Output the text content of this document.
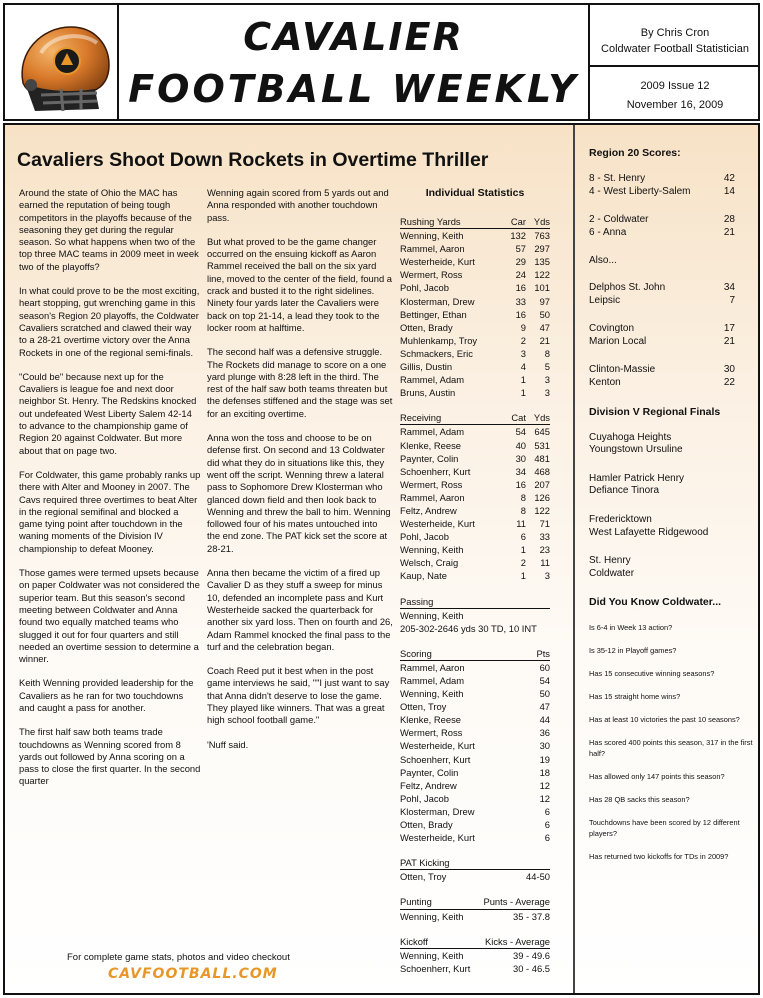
CAVALIER
FOOTBALL WEEKLY
By Chris Cron
Coldwater Football Statistician
2009 Issue 12
November 16, 2009
Cavaliers Shoot Down Rockets in Overtime Thriller

Around the state of Ohio the MAC has earned the reputation of being tough competitors in the playoffs because of the seasoning they get during the regular season. So what happens when two of the top three MAC teams in 2009 meet in week two of the playoffs?

In what could prove to be the most exciting, heart stopping, gut wrenching game in this season's Region 20 playoffs, the Coldwater Cavaliers scratched and clawed their way to a 28-21 overtime victory over the Anna Rockets in one of the regional semi-finals.

"Could be" because next up for the Cavaliers is league foe and next door neighbor St. Henry. The Redskins knocked out undefeated West Liberty Salem 42-14 to advance to the championship game of Region 20 against Coldwater. But more about that on page two.

For Coldwater, this game probably ranks up there with Alter and Mooney in 2007. The Cavs required three overtimes to beat Alter in the regional semifinal and blocked a game tying point after touchdown in the waning moments of the Division IV championship to defeat Mooney.

Those games were termed upsets because on paper Coldwater was not considered the superior team. But this season's second meeting between Coldwater and Anna found two equally matched teams who slugged it out for four quarters and still needed an overtime session to determine a winner.

Keith Wenning provided leadership for the Cavaliers as he ran for two touchdowns and caught a pass for another.

The first half saw both teams trade touchdowns as Wenning scored from 8 yards out followed by Anna scoring on a pass to close the first quarter. In the second quarter

Wenning again scored from 5 yards out and Anna responded with another touchdown pass.

But what proved to be the game changer occurred on the ensuing kickoff as Aaron Rammel received the ball on the six yard line, moved to the center of the field, found a crack and busted it to the right sidelines. Ninety four yards later the Cavaliers were back on top 21-14, a lead they took to the locker room at halftime.

The second half was a defensive struggle. The Rockets did manage to score on a one yard plunge with 8:28 left in the third. The rest of the half saw both teams threaten but the defenses stiffened and the stage was set for an exciting overtime.

Anna won the toss and choose to be on defense first. On second and 13 Coldwater did what they do in situations like this, they went off the script. Wenning threw a lateral pass to Sophomore Drew Klosterman who glanced down field and then look back to Wenning and threw the ball to him. Wenning followed four of his mates untouched into the end zone. The PAT kick set the score at 28-21.

Anna then became the victim of a fired up Cavalier D as they stuff a sweep for minus 10, defended an incomplete pass and Kurt Westerheide sacked the quarterback for another six yard loss. Then on fourth and 26, Adam Rammel knocked the final pass to the turf and the celebration began.

Coach Reed put it best when in the post game interviews he said, ""I just want to say that Anna didn't deserve to lose the game. They played like winners. That was a great high school football game."

'Nuff said.

Individual Statistics
Rushing Yards	Car Yds
Wenning, Keith	132 763
Rammel, Aaron	57 297
Westerheide, Kurt	29 135
Wermert, Ross	24 122
Pohl, Jacob	16 101
Klosterman, Drew	33	97
Bettinger, Ethan	16	50
Otten, Brady	9	47
Muhlenkamp, Troy	2	21
Schmackers, Eric	3	8
Gillis, Dustin	4	5
Rammel, Adam	1	3
Bruns, Austin	1	3
Receiving	Cat Yds
Rammel, Adam	54 645
Klenke, Reese	40 531
Paynter, Colin	30 481
Schoenherr, Kurt	34 468
Wermert, Ross	16 207
Rammel, Aaron	8 126
Feltz, Andrew	8 122
Westerheide, Kurt	11	71
Pohl, Jacob	6	33
Wenning, Keith	1	23
Welsch, Craig	2	11
Kaup, Nate	1	3
Passing
Wenning, Keith
205-302-2646 yds 30 TD, 10 INT
Scoring	Pts
Rammel, Aaron	60
Rammel, Adam	54
Wenning, Keith	50
Otten, Troy	47
Klenke, Reese	44
Wermert, Ross	36
Westerheide, Kurt	30
Schoenherr, Kurt	19
Paynter, Colin	18
Feltz, Andrew	12
Pohl, Jacob	12
Klosterman, Drew	6
Otten, Brady	6
Westerheide, Kurt	6
PAT Kicking
Otten, Troy	44-50
Punting	Punts - Average
Wenning, Keith	35 - 37.8
Kickoff	Kicks - Average
Wenning, Keith	39 - 49.6
Schoenherr, Kurt	30 - 46.5
For complete game stats, photos and video checkout
CAVFOOTBALL.COM
Region 20 Scores:
8 - St. Henry	42
4 - West Liberty-Salem	14
2 - Coldwater	28
6 - Anna	21
Also...
Delphos St. John	34
Leipsic	7
Covington	17
Marion Local	21
Clinton-Massie	30
Kenton	22
Division V Regional Finals
Cuyahoga Heights
Youngstown Ursuline
Hamler Patrick Henry
Defiance Tinora
Fredericktown
West Lafayette Ridgewood
St. Henry
Coldwater
Did You Know Coldwater...
Is 6-4 in Week 13 action?
Is 35-12 in Playoff games?
Has 15 consecutive winning seasons?
Has 15 straight home wins?
Has at least 10 victories the past 10 seasons?
Has scored 400 points this season, 317 in the first half?
Has allowed only 147 points this season?
Has 28 QB sacks this season?
Touchdowns have been scored by 12 different players?
Has returned two kickoffs for TDs in 2009?
